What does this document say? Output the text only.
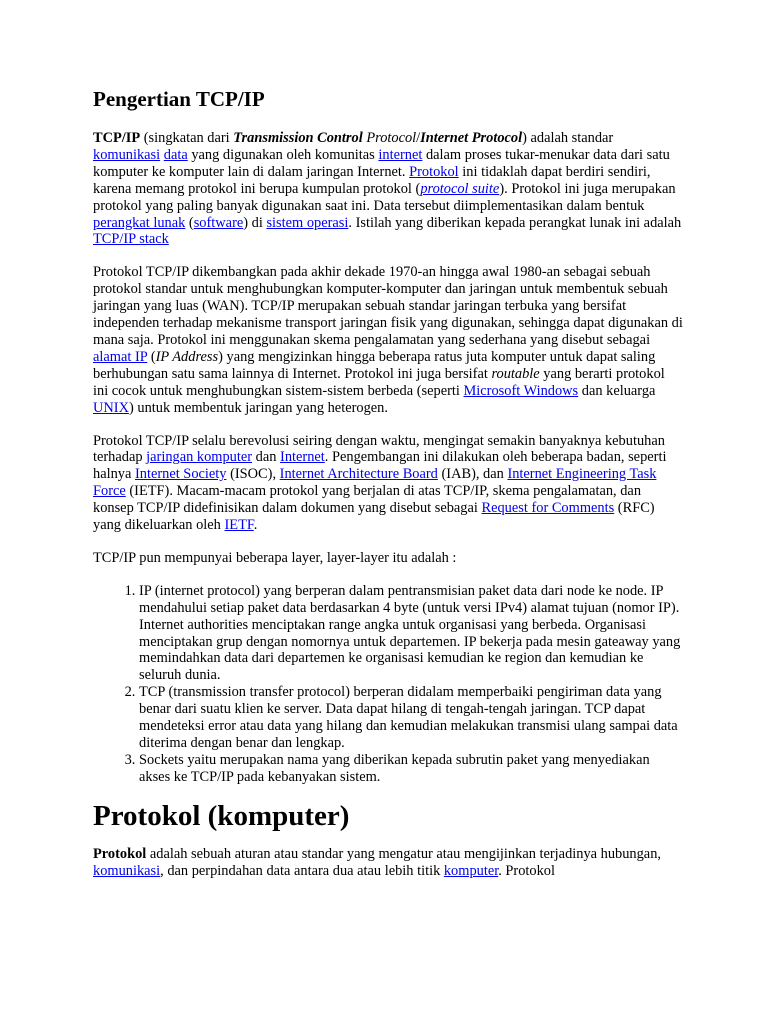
Pengertian TCP/IP

TCP/IP (singkatan dari Transmission Control Protocol/Internet Protocol) adalah standar komunikasi data yang digunakan oleh komunitas internet dalam proses tukar-menukar data dari satu komputer ke komputer lain di dalam jaringan Internet. Protokol ini tidaklah dapat berdiri sendiri, karena memang protokol ini berupa kumpulan protokol (protocol suite). Protokol ini juga merupakan protokol yang paling banyak digunakan saat ini. Data tersebut diimplementasikan dalam bentuk perangkat lunak (software) di sistem operasi. Istilah yang diberikan kepada perangkat lunak ini adalah TCP/IP stack

Protokol TCP/IP dikembangkan pada akhir dekade 1970-an hingga awal 1980-an sebagai sebuah protokol standar untuk menghubungkan komputer-komputer dan jaringan untuk membentuk sebuah jaringan yang luas (WAN). TCP/IP merupakan sebuah standar jaringan terbuka yang bersifat independen terhadap mekanisme transport jaringan fisik yang digunakan, sehingga dapat digunakan di mana saja. Protokol ini menggunakan skema pengalamatan yang sederhana yang disebut sebagai alamat IP (IP Address) yang mengizinkan hingga beberapa ratus juta komputer untuk dapat saling berhubungan satu sama lainnya di Internet. Protokol ini juga bersifat routable yang berarti protokol ini cocok untuk menghubungkan sistem-sistem berbeda (seperti Microsoft Windows dan keluarga UNIX) untuk membentuk jaringan yang heterogen.

Protokol TCP/IP selalu berevolusi seiring dengan waktu, mengingat semakin banyaknya kebutuhan terhadap jaringan komputer dan Internet. Pengembangan ini dilakukan oleh beberapa badan, seperti halnya Internet Society (ISOC), Internet Architecture Board (IAB), dan Internet Engineering Task Force (IETF). Macam-macam protokol yang berjalan di atas TCP/IP, skema pengalamatan, dan konsep TCP/IP didefinisikan dalam dokumen yang disebut sebagai Request for Comments (RFC) yang dikeluarkan oleh IETF.

TCP/IP pun mempunyai beberapa layer, layer-layer itu adalah :

1. IP (internet protocol) yang berperan dalam pentransmisian paket data dari node ke node. IP mendahului setiap paket data berdasarkan 4 byte (untuk versi IPv4) alamat tujuan (nomor IP). Internet authorities menciptakan range angka untuk organisasi yang berbeda. Organisasi menciptakan grup dengan nomornya untuk departemen. IP bekerja pada mesin gateaway yang memindahkan data dari departemen ke organisasi kemudian ke region dan kemudian ke seluruh dunia.
2. TCP (transmission transfer protocol) berperan didalam memperbaiki pengiriman data yang benar dari suatu klien ke server. Data dapat hilang di tengah-tengah jaringan. TCP dapat mendeteksi error atau data yang hilang dan kemudian melakukan transmisi ulang sampai data diterima dengan benar dan lengkap.
3. Sockets yaitu merupakan nama yang diberikan kepada subrutin paket yang menyediakan akses ke TCP/IP pada kebanyakan sistem.
Protokol (komputer)

Protokol adalah sebuah aturan atau standar yang mengatur atau mengijinkan terjadinya hubungan, komunikasi, dan perpindahan data antara dua atau lebih titik komputer. Protokol
